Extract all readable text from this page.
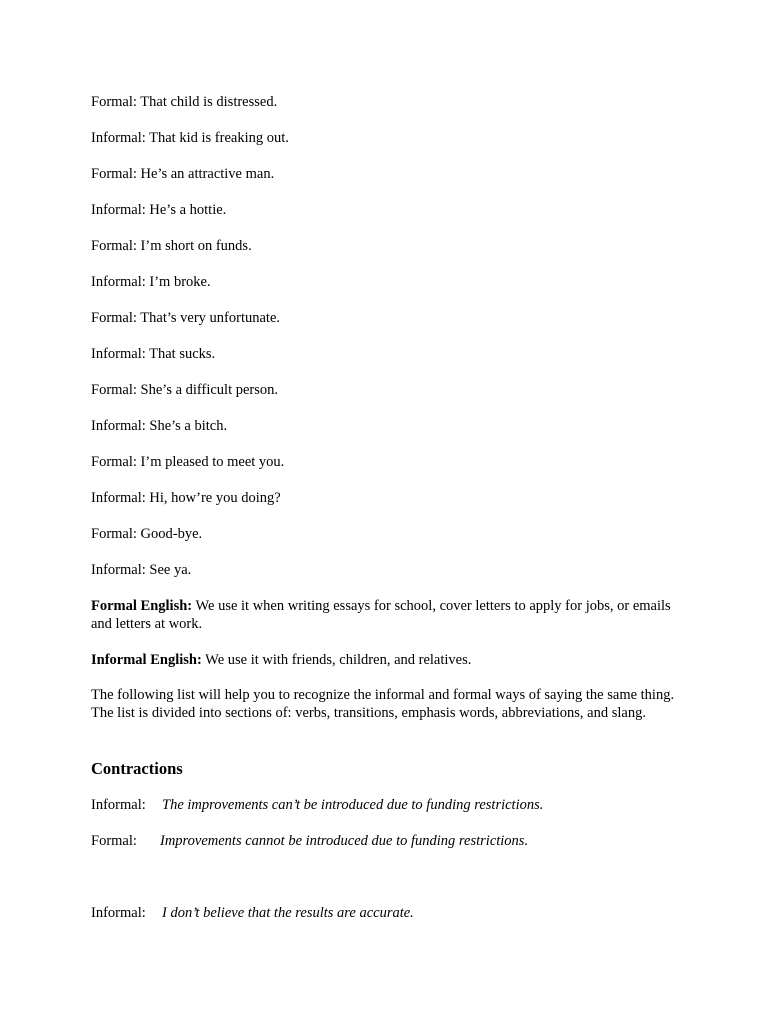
Formal: That child is distressed.
Informal: That kid is freaking out.
Formal: He’s an attractive man.
Informal: He’s a hottie.
Formal: I’m short on funds.
Informal: I’m broke.
Formal: That’s very unfortunate.
Informal: That sucks.
Formal: She’s a difficult person.
Informal: She’s a bitch.
Formal: I’m pleased to meet you.
Informal: Hi, how’re you doing?
Formal: Good-bye.
Informal: See ya.
Formal English: We use it when writing essays for school, cover letters to apply for jobs, or emails and letters at work.
Informal English: We use it with friends, children, and relatives.
The following list will help you to recognize the informal and formal ways of saying the same thing. The list is divided into sections of: verbs, transitions, emphasis words, abbreviations, and slang.
Contractions
Informal: The improvements can’t be introduced due to funding restrictions.
Formal: Improvements cannot be introduced due to funding restrictions.
Informal: I don’t believe that the results are accurate.
